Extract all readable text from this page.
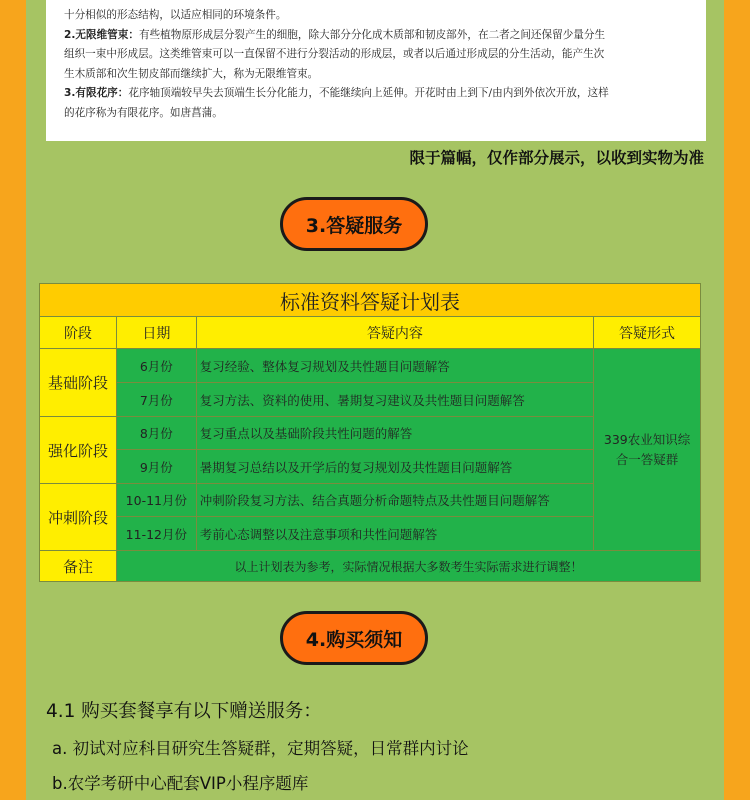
十分相似的形态结构，以适应相同的环境条件。

2.无限维管束：有些植物原形成层分裂产生的细胞，除大部分分化成木质部和韧皮部外，在二者之间还保留少量分生

组织一束中形成层。这类维管束可以一直保留不进行分裂活动的形成层，或者以后通过形成层的分生活动，能产生次

生木质部和次生韧皮部而继续扩大，称为无限维管束。

3.有限花序：花序轴顶端较早失去顶端生长分化能力，不能继续向上延伸。开花时由上到下/由内到外依次开放，这样

的花序称为有限花序。如唐菖蒲。

限于篇幅，仅作部分展示，以收到实物为准
3.答疑服务
标准资料答疑计划表			
阶段	日期	答疑内容	答疑形式
基础阶段	6月份	复习经验、整体复习规划及共性题目问题解答	339农业知识综
合一答疑群

	7月份	复习方法、资料的使用、暑期复习建议及共性题目问题解答	
强化阶段	8月份	复习重点以及基础阶段共性问题的解答	
	9月份	暑期复习总结以及开学后的复习规划及共性题目问题解答	
冲刺阶段	10-11月份	冲刺阶段复习方法、结合真题分析命题特点及共性题目问题解答	
	11-12月份	考前心态调整以及注意事项和共性问题解答	
备注	以上计划表为参考，实际情况根据大多数考生实际需求进行调整！		
4.购买须知
4.1 购买套餐享有以下赠送服务：
a. 初试对应科目研究生答疑群，定期答疑，日常群内讨论
b.农学考研中心配套VIP小程序题库
